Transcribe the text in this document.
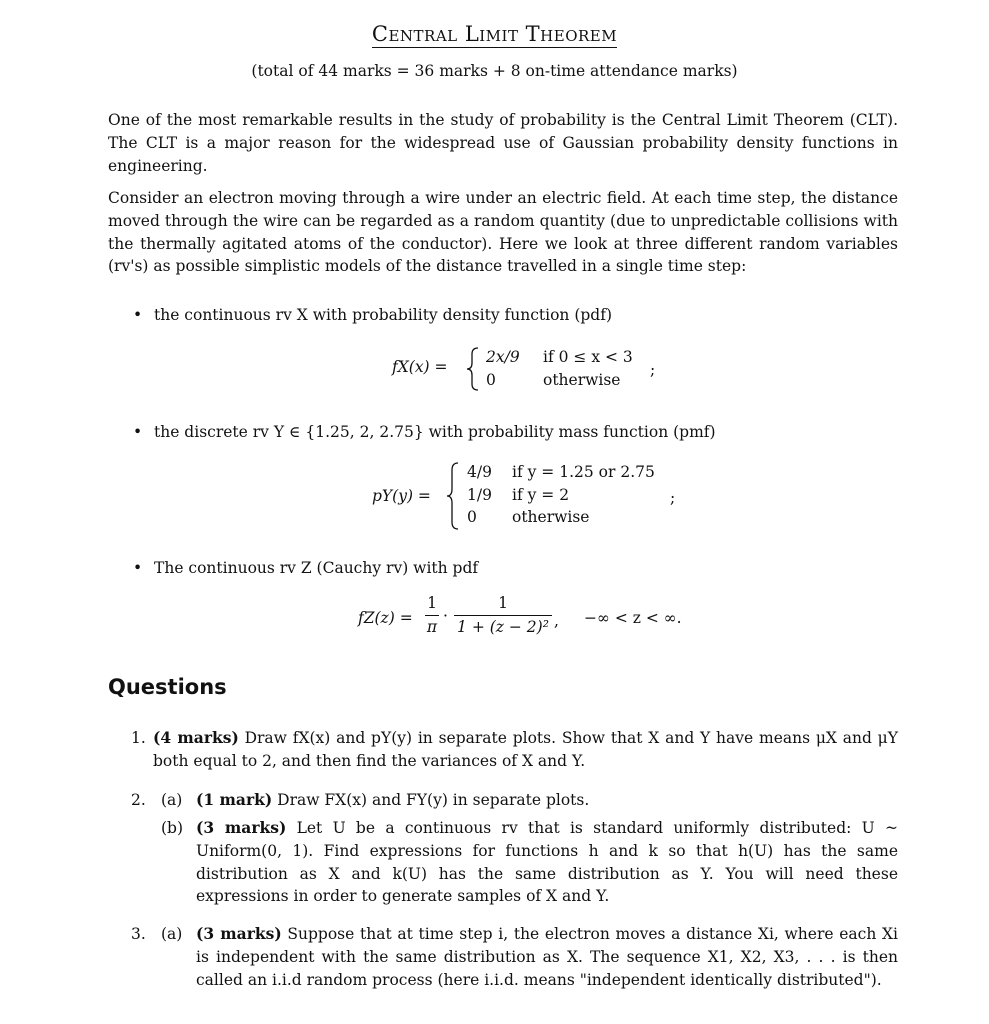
Central Limit Theorem
(total of 44 marks = 36 marks + 8 on-time attendance marks)
One of the most remarkable results in the study of probability is the Central Limit Theorem (CLT). The CLT is a major reason for the widespread use of Gaussian probability density functions in engineering.
Consider an electron moving through a wire under an electric field. At each time step, the distance moved through the wire can be regarded as a random quantity (due to unpredictable collisions with the thermally agitated atoms of the conductor). Here we look at three different random variables (rv's) as possible simplistic models of the distance travelled in a single time step:
• the continuous rv X with probability density function (pdf)
fX(x) =
2x/9
0
if 0 ≤ x < 3
otherwise
;
• the discrete rv Y ∈ {1.25, 2, 2.75} with probability mass function (pmf)
pY(y) =
4/9
1/9
0
if y = 1.25 or 2.75
if y = 2
otherwise
;
• The continuous rv Z (Cauchy rv) with pdf
fZ(z) =
1
π
·
1
1 + (z − 2)² , −∞ < z < ∞.
Questions
1. (4 marks) Draw fX(x) and pY(y) in separate plots. Show that X and Y have means μX and μY both equal to 2, and then find the variances of X and Y.
2. (a) (1 mark) Draw FX(x) and FY(y) in separate plots.
(b) (3 marks) Let U be a continuous rv that is standard uniformly distributed: U ~ Uniform(0, 1). Find expressions for functions h and k so that h(U) has the same distribution as X and k(U) has the same distribution as Y. You will need these expressions in order to generate samples of X and Y.
3. (a) (3 marks) Suppose that at time step i, the electron moves a distance Xi, where each Xi is independent with the same distribution as X. The sequence X1, X2, X3, . . . is then called an i.i.d random process (here i.i.d. means "independent identically distributed").
